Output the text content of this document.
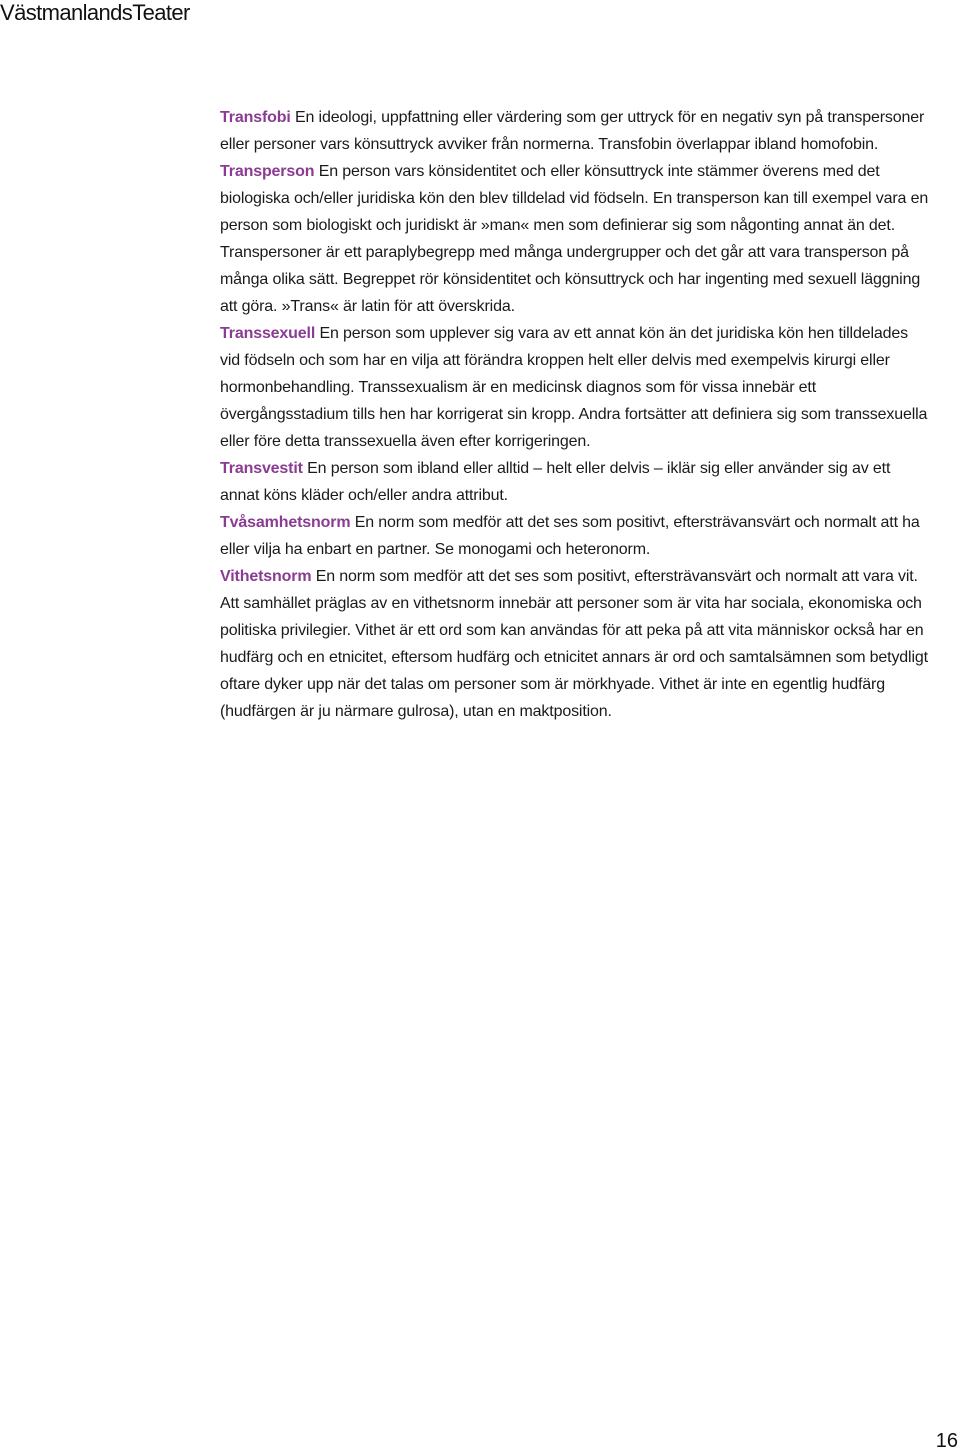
VästmanlandsTeater

Transfobi En ideologi, uppfattning eller värdering som ger uttryck för en negativ syn på transpersoner eller personer vars könsuttryck avviker från normerna. Transfobin överlappar ibland homofobin.

Transperson En person vars könsidentitet och eller könsuttryck inte stämmer överens med det biologiska och/eller juridiska kön den blev tilldelad vid födseln. En transperson kan till exempel vara en person som biologiskt och juridiskt är »man« men som definierar sig som någonting annat än det. Transpersoner är ett paraplybegrepp med många undergrupper och det går att vara transperson på många olika sätt. Begreppet rör könsidentitet och könsuttryck och har ingenting med sexuell läggning att göra. »Trans« är latin för att överskrida.

Transsexuell En person som upplever sig vara av ett annat kön än det juridiska kön hen tilldelades vid födseln och som har en vilja att förändra kroppen helt eller delvis med exempelvis kirurgi eller hormonbehandling. Transsexualism är en medicinsk diagnos som för vissa innebär ett övergångsstadium tills hen har korrigerat sin kropp. Andra fortsätter att definiera sig som transsexuella eller före detta transsexuella även efter korrigeringen.

Transvestit En person som ibland eller alltid – helt eller delvis – iklär sig eller använder sig av ett annat köns kläder och/eller andra attribut.

Tvåsamhetsnorm En norm som medför att det ses som positivt, eftersträvansvärt och normalt att ha eller vilja ha enbart en partner. Se monogami och heteronorm.

Vithetsnorm En norm som medför att det ses som positivt, eftersträvansvärt och normalt att vara vit. Att samhället präglas av en vithetsnorm innebär att personer som är vita har sociala, ekonomiska och politiska privilegier. Vithet är ett ord som kan användas för att peka på att vita människor också har en hudfärg och en etnicitet, eftersom hudfärg och etnicitet annars är ord och samtalsämnen som betydligt oftare dyker upp när det talas om personer som är mörkhyade. Vithet är inte en egentlig hudfärg (hudfärgen är ju närmare gulrosa), utan en maktposition.

16
